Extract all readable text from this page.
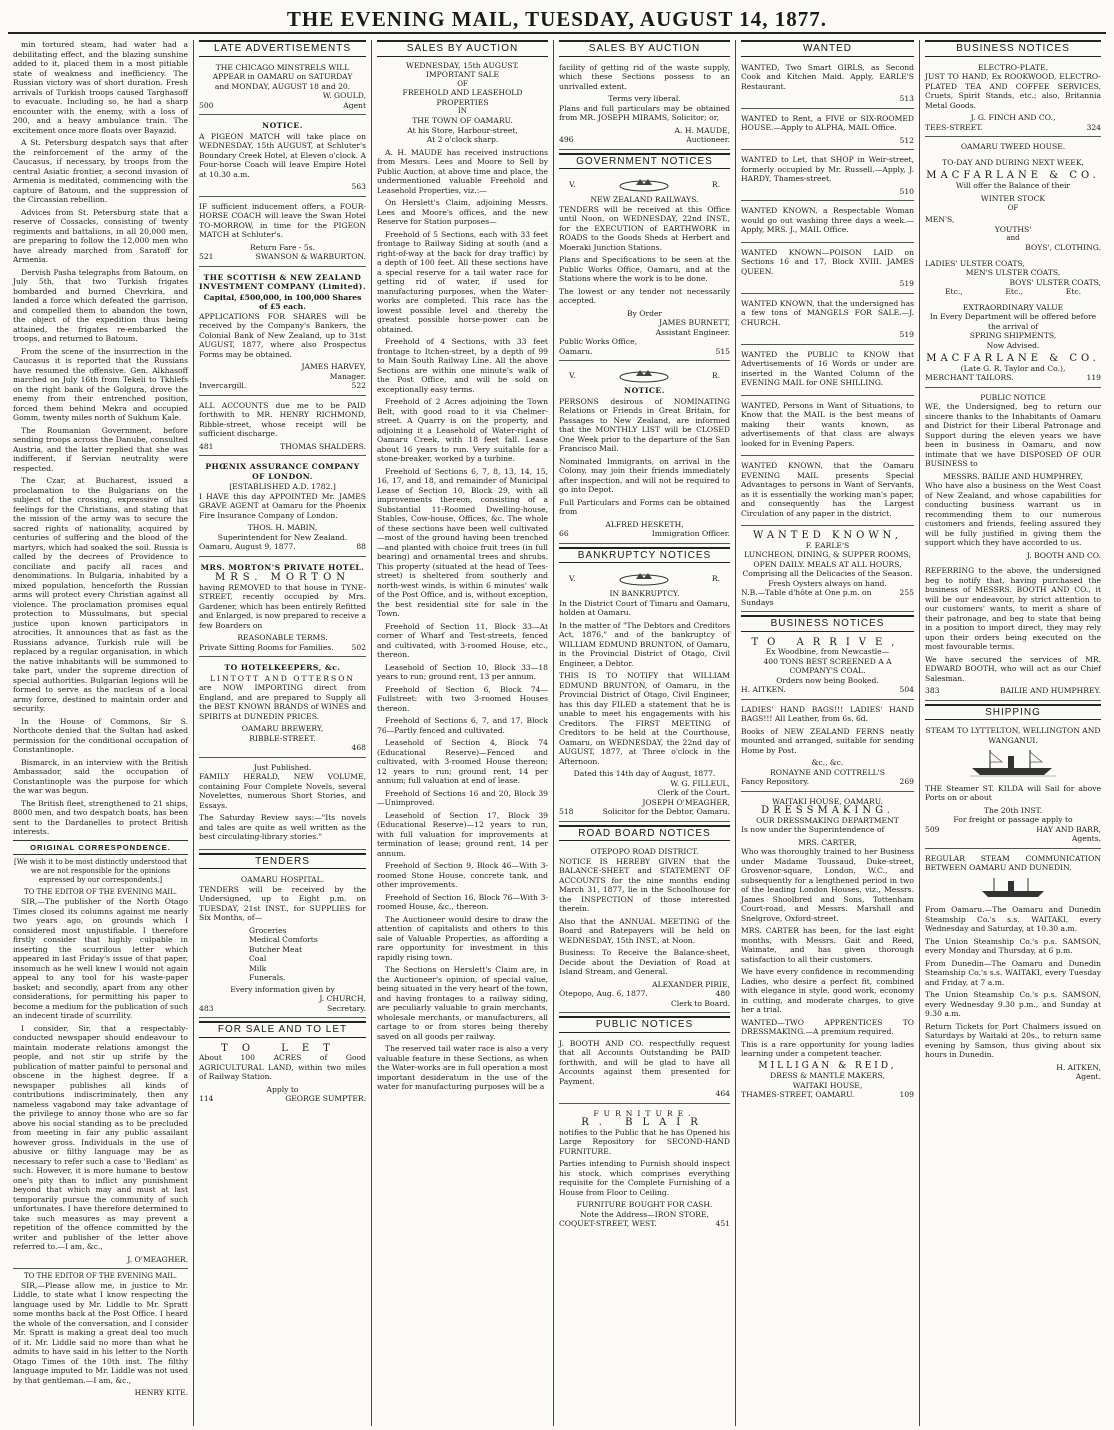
THE EVENING MAIL, TUESDAY, AUGUST 14, 1877.

min tortured steam, had water had a debilitating effect, and the blazing sunshine added to it, placed them in a most pitiable state of weakness and inefficiency. The Russian victory was of short duration. Fresh arrivals of Turkish troops caused Targhasoff to evacuate. Including so, he had a sharp encounter with the enemy, with a loss of 200, and a heavy ambulance train. The excitement once more floats over Bayazid.

A St. Petersburg despatch says that after the reinforcement of the army of the Caucasus, if necessary, by troops from the central Asiatic frontier, a second invasion of Armenia is meditated, commencing with the capture of Batoum, and the suppression of the Circassian rebellion.

Advices from St. Petersburg state that a reserve of Cossacks, consisting of twenty regiments and battalions, in all 20,000 men, are preparing to follow the 12,000 men who have already marched from Saratoff for Armenia.

Dervish Pasha telegraphs from Batoum, on July 5th, that two Turkish frigates bombarded and burned Chevrkira, and landed a force which defeated the garrison, and compelled them to abandon the town, the object of the expedition thus being attained, the frigates re-embarked the troops, and returned to Batoum.

From the scene of the insurrection in the Caucasus it is reported that the Russians have resumed the offensive. Gen. Alkhasoff marched on July 16th from Tekeli to Tkhlefs on the right bank of the Golgura, drove the enemy from their entrenched position, forced them behind Mekra and occupied Gomm, twenty miles north of Sukhum Kale.

The Roumanian Government, before sending troops across the Danube, consulted Austria, and the latter replied that she was indifferent, if Servian neutrality were respected.

The Czar, at Bucharest, issued a proclamation to the Bulgarians on the subject of the crossing, expressive of his feelings for the Christians, and stating that the mission of the army was to secure the sacred rights of nationality, acquired by centuries of suffering and the blood of the martyrs, which had soaked the soil. Russia is called by the decrees of Providence to conciliate and pacify all races and denominations. In Bulgaria, inhabited by a mixed population, henceforth the Russian arms will protect every Christian against all violence. The proclamation promises equal protection to Mussulmans, but special justice upon known participators in atrocities. It announces that as fast as the Russians advance, Turkish rule will be replaced by a regular organisation, in which the native inhabitants will be summoned to take part, under the supreme direction of special authorities. Bulgarian legions will be formed to serve as the nucleus of a local army force, destined to maintain order and security.

In the House of Commons, Sir S. Northcote denied that the Sultan had asked permission for the conditional occupation of Constantinople.

Bismarck, in an interview with the British Ambassador, said the occupation of Constantinople was the purpose for which the war was begun.

The British fleet, strengthened to 21 ships, 8000 men, and two despatch boats, has been sent to the Dardanelles to protect British interests.

ORIGINAL CORRESPONDENCE.
[We wish it to be most distinctly understood that we are not responsible for the opinions expressed by our correspondents.]
TO THE EDITOR OF THE EVENING MAIL.

SIR,—The publisher of the North Otago Times closed its columns against me nearly two years ago, on grounds which I considered most unjustifiable. I therefore firstly consider that highly culpable in inserting the scurrilous letter which appeared in last Friday's issue of that paper, insomuch as he well knew I would not again appeal to any tool for his waste-paper basket; and secondly, apart from any other considerations, for permitting his paper to become a medium for the publication of such an indecent tirade of scurrility.

I consider, Sir, that a respectably-conducted newspaper should endeavour to maintain moderate relations amongst the people, and not stir up strife by the publication of matter painful to personal and obscene in the highest degree. If a newspaper publishes all kinds of contributions indiscriminately, then any nameless vagabond may take advantage of the privilege to annoy those who are so far above his social standing as to be precluded from meeting in fair any public assailant however gross. Individuals in the use of abusive or filthy language may be as necessary to refer such a case to 'Bedlam' as such. However, it is more humane to bestow one's pity than to inflict any punishment beyond that which may and must at last temporarily pursue the community of such unfortunates. I have therefore determined to take such measures as may prevent a repetition of the offence committed by the writer and publisher of the letter above referred to.—I am, &c.,

J. O'MEAGHER.
TO THE EDITOR OF THE EVENING MAIL.

SIR,—Please allow me, in justice to Mr. Liddle, to state what I know respecting the language used by Mr. Liddle to Mr. Spratt some months back at the Post Office. I heard the whole of the conversation, and I consider Mr. Spratt is making a great deal too much of it. Mr. Liddle said no more than what he admits to have said in his letter to the North Otago Times of the 10th inst. The filthy language imputed to Mr. Liddle was not used by that gentleman.—I am, &c.,

HENRY KITE.
LATE ADVERTISEMENTS
THE CHICAGO MINSTRELS WILL
APPEAR in OAMARU on SATURDAY
and MONDAY, AUGUST 18 and 20.
W. GOULD,
500	Agent
NOTICE.

A PIGEON MATCH will take place on WEDNESDAY, 15th AUGUST, at Schluter's Boundary Creek Hotel, at Eleven o'clock. A Four-horse Coach will leave Empire Hotel at 10.30 a.m.

563

IF sufficient inducement offers, a FOUR-HORSE COACH will leave the Swan Hotel TO-MORROW, in time for the PIGEON MATCH at Schluter's.

Return Fare - 5s.
521	SWANSON & WARBURTON.
THE SCOTTISH & NEW ZEALAND INVESTMENT COMPANY (Limited).
Capital, £500,000, in 100,000 Shares of £5 each.

APPLICATIONS FOR SHARES will be received by the Company's Bankers, the Colonial Bank of New Zealand, up to 31st AUGUST, 1877, where also Prospectus Forms may be obtained.

JAMES HARVEY,
Manager.
Invercargill.	522

ALL ACCOUNTS due me to be PAID forthwith to MR. HENRY RICHMOND, Ribble-street, whose receipt will be sufficient discharge.

481	THOMAS SHALDERS.
PHŒNIX ASSURANCE COMPANY OF LONDON.
[ESTABLISHED A.D. 1782.]

I HAVE this day APPOINTED Mr. JAMES GRAVE AGENT at Oamaru for the Phoenix Fire Insurance Company of London.

THOS. H. MABIN,
Superintendent for New Zealand.
Oamaru, August 9, 1877.	88
MRS. MORTON'S PRIVATE HOTEL.
MRS. MORTON

having REMOVED to that house in TYNE-STREET, recently occupied by Mrs. Gardener, which has been entirely Refitted and Enlarged, is now prepared to receive a few Boarders on

REASONABLE TERMS.
Private Sitting Rooms for Families. 502
TO HOTELKEEPERS, &c.
LINTOTT AND OTTERSON

are NOW IMPORTING direct from England, and are prepared to Supply all the BEST KNOWN BRANDS of WINES and SPIRITS at DUNEDIN PRICES.

OAMARU BREWERY,
RIBBLE-STREET.
468
Just Published.

FAMILY HERALD, NEW VOLUME, containing Four Complete Novels, several Novelettes, numerous Short Stories, and Essays.

The Saturday Review says:—"Its novels and tales are quite as well written as the best circulating-library stories."

TENDERS
OAMARU HOSPITAL.

TENDERS will be received by the Undersigned, up to Eight p.m. on TUESDAY, 21st INST., for SUPPLIES for Six Months, of—

Groceries
Medical Comforts
Butcher Meat
Coal
Milk
Funerals.
Every information given by
J. CHURCH,
483	Secretary.
FOR SALE AND TO LET
TO LET

About 100 ACRES of Good AGRICULTURAL LAND, within two miles of Railway Station.

Apply to
114	GEORGE SUMPTER.
SALES BY AUCTION
WEDNESDAY, 15th AUGUST.
IMPORTANT SALE
OF
FREEHOLD AND LEASEHOLD PROPERTIES
IN
THE TOWN OF OAMARU.
At his Store, Harbour-street,
At 2 o'clock sharp.

A. H. MAUDE has received instructions from Messrs. Lees and Moore to Sell by Public Auction, at above time and place, the undermentioned valuable Freehold and Leasehold Properties, viz.:—

On Herslett's Claim, adjoining Messrs. Lees and Moore's offices, and the new Reserve for Station purposes—

Freehold of 5 Sections, each with 33 feet frontage to Railway Siding at south (and a right-of-way at the back for dray traffic) by a depth of 100 feet. All these sections have a special reserve for a tail water race for getting rid of water, if used for manufacturing purposes, when the Water-works are completed. This race has the lowest possible level and thereby the greatest possible horse-power can be obtained.

Freehold of 4 Sections, with 33 feet frontage to Itchen-street, by a depth of 99 to Main South Railway Line. All the above Sections are within one minute's walk of the Post Office, and will be sold on exceptionally easy terms.

Freehold of 2 Acres adjoining the Town Belt, with good road to it via Chelmer-street. A Quarry is on the property, and adjoining it a Leasehold of Water-right of Oamaru Creek, with 18 feet fall. Lease about 16 years to run. Very suitable for a stone-breaker, worked by a turbine.

Freehold of Sections 6, 7, 8, 13, 14, 15, 16, 17, and 18, and remainder of Municipal Lease of Section 10, Block 29, with all improvements thereon, consisting of a Substantial 11-Roomed Dwelling-house, Stables, Cow-house, Offices, &c. The whole of these sections have been well cultivated—most of the ground having been trenched—and planted with choice fruit trees (in full bearing) and ornamental trees and shrubs. This property (situated at the head of Tees-street) is sheltered from southerly and north-west winds, is within 6 minutes' walk of the Post Office, and is, without exception, the best residential site for sale in the Town.

Freehold of Section 11, Block 33—At corner of Wharf and Test-streets, fenced and cultivated, with 3-roomed House, etc., thereon.

Leasehold of Section 10, Block 33—18 years to run; ground rent, 13 per annum.

Freehold of Section 6, Block 74—Fullstreet: with two 3-roomed Houses thereon.

Freehold of Sections 6, 7, and 17, Block 76—Partly fenced and cultivated.

Leasehold of Section 4, Block 74 (Educational Reserve)—Fenced and cultivated, with 3-roomed House thereon; 12 years to run; ground rent, 14 per annum; full valuation at end of lease.

Freehold of Sections 16 and 20, Block 39—Unimproved.

Leasehold of Section 17, Block 39 (Educational Reserve)—12 years to run, with full valuation for improvements at termination of lease; ground rent, 14 per annum.

Freehold of Section 9, Block 46—With 3-roomed Stone House, concrete tank, and other improvements.

Freehold of Section 16, Block 76—With 3-roomed House, &c., thereon.

The Auctioneer would desire to draw the attention of capitalists and others to this sale of Valuable Properties, as affording a rare opportunity for investment in this rapidly rising town.

The Sections on Herslett's Claim are, in the Auctioneer's opinion, of special value, being situated in the very heart of the town, and having frontages to a railway siding, are peculiarly valuable to grain merchants, wholesale merchants, or manufacturers, all cartage to or from stores being thereby saved on all goods per railway.

The reserved tail water race is also a very valuable feature in these Sections, as when the Water-works are in full operation a most important desideratum in the use of the water for manufacturing purposes will be a

SALES BY AUCTION

facility of getting rid of the waste supply, which these Sections possess to an unrivalled extent.

Terms very liberal.

Plans and full particulars may be obtained from MR. JOSEPH MIRAMS, Solicitor; or,

A. H. MAUDE,
496	Auctioneer.
GOVERNMENT NOTICES
V.	R.
NEW ZEALAND RAILWAYS.

TENDERS will be received at this Office until Noon, on WEDNESDAY, 22nd INST., for the EXECUTION of EARTHWORK in ROADS to the Goods Sheds at Herbert and Moeraki Junction Stations.

Plans and Specifications to be seen at the Public Works Office, Oamaru, and at the Stations where the work is to be done.

The lowest or any tender not necessarily accepted.

By Order
JAMES BURNETT,
Assistant Engineer.
Public Works Office,
Oamaru.	515
V.	R.
NOTICE.

PERSONS desirous of NOMINATING Relations or Friends in Great Britain, for Passages to New Zealand, are informed that the MONTHLY LIST will be CLOSED One Week prior to the departure of the San Francisco Mail.

Nominated Immigrants, on arrival in the Colony, may join their friends immediately after inspection, and will not be required to go into Depot.

Full Particulars and Forms can be obtained from

ALFRED HESKETH,
66	Immigration Officer.
BANKRUPTCY NOTICES
V.	R.
IN BANKRUPTCY.

In the District Court of Timaru and Oamaru, holden at Oamaru.

In the matter of "The Debtors and Creditors Act, 1876," and of the bankruptcy of WILLIAM EDMUND BRUNTON, of Oamaru, in the Provincial District of Otago, Civil Engineer, a Debtor.

THIS IS TO NOTIFY that WILLIAM EDMUND BRUNTON, of Oamaru, in the Provincial District of Otago, Civil Engineer, has this day FILED a statement that he is unable to meet his engagements with his Creditors. The FIRST MEETING of Creditors to be held at the Courthouse, Oamaru, on WEDNESDAY, the 22nd day of AUGUST, 1877, at Three o'clock in the Afternoon.

Dated this 14th day of August, 1877.
W. G. FILLEUL,
Clerk of the Court.
JOSEPH O'MEAGHER,
518	Solicitor for the Debtor, Oamaru.
ROAD BOARD NOTICES
OTEPOPO ROAD DISTRICT.

NOTICE IS HEREBY GIVEN that the BALANCE-SHEET and STATEMENT OF ACCOUNTS for the nine months ending March 31, 1877, lie in the Schoolhouse for the INSPECTION of those interested therein.

Also that the ANNUAL MEETING of the Board and Ratepayers will be held on WEDNESDAY, 15th INST., at Noon.

Business: To Receive the Balance-sheet, Decide about the Deviation of Road at Island Stream, and General.

ALEXANDER PIRIE,
Otepopo, Aug. 6, 1877.	480
Clerk to Board.
PUBLIC NOTICES

J. BOOTH AND CO. respectfully request that all Accounts Outstanding be PAID forthwith, and will be glad to have all Accounts against them presented for Payment.

464
FURNITURE.
R. BLAIR

notifies to the Public that he has Opened his Large Repository for SECOND-HAND FURNITURE.

Parties intending to Furnish should inspect his stock, which comprises everything requisite for the Complete Furnishing of a House from Floor to Ceiling.

FURNITURE BOUGHT FOR CASH.
Note the Address—IRON STORE,
COQUET-STREET, WEST.	451
WANTED

WANTED, Two Smart GIRLS, as Second Cook and Kitchen Maid. Apply, EARLE'S Restaurant.

513

WANTED to Rent, a FIVE or SIX-ROOMED HOUSE.—Apply to ALPHA, MAIL Office.

512

WANTED to Let, that SHOP in Weir-street, formerly occupied by Mr. Russell.—Apply, J. HARDY, Thames-street.

510

WANTED KNOWN, a Respectable Woman would go out washing three days a week.—Apply, MRS. J., MAIL Office.

WANTED KNOWN—POISON LAID on Sections 16 and 17, Block XVIII. JAMES QUEEN.

519

WANTED KNOWN, that the undersigned has a few tons of MANGELS FOR SALE.—J. CHURCH.

519

WANTED the PUBLIC to KNOW that Advertisements of 16 Words or under are inserted in the Wanted Column of the EVENING MAIL for ONE SHILLING.

WANTED, Persons in Want of Situations, to Know that the MAIL is the best means of making their wants known, as advertisements of that class are always looked for in Evening Papers.

WANTED KNOWN, that the Oamaru EVENING MAIL presents Special Advantages to persons in Want of Servants, as it is essentially the working man's paper, and consequently has the Largest Circulation of any paper in the district.

WANTED KNOWN,
F. EARLE'S
LUNCHEON, DINING, & SUPPER ROOMS,
OPEN DAILY. MEALS AT ALL HOURS,
Comprising all the Delicacies of the Season. Fresh Oysters always on hand.
N.B.—Table d'hôte at One p.m. on Sundays
255
BUSINESS NOTICES
TO ARRIVE,
Ex Woodbine, from Newcastle—
400 TONS BEST SCREENED A A COMPANY'S COAL.
Orders now being Booked.
H. AITKEN.	504

LADIES' HAND BAGS!!! LADIES' HAND BAGS!!! All Leather, from 6s. 6d.

Books of NEW ZEALAND FERNS neatly mounted and arranged, suitable for sending Home by Post.

&c., &c.
RONAYNE AND COTTRELL'S
Fancy Repository.	269
WAITAKI HOUSE, OAMARU.
DRESSMAKING.
OUR DRESSMAKING DEPARTMENT

Is now under the Superintendence of

MRS. CARTER,

Who was thoroughly trained to her Business under Madame Toussaud, Duke-street, Grosvenor-square, London, W.C., and subsequently for a lengthened period in two of the leading London Houses, viz., Messrs. James Shoolbred and Sons, Tottenham Court-road, and Messrs. Marshall and Snelgrove, Oxford-street.

MRS. CARTER has been, for the last eight months, with Messrs. Gait and Reed, Waimate, and has given thorough satisfaction to all their customers.

We have every confidence in recommending Ladies, who desire a perfect fit, combined with elegance in style, good work, economy in cutting, and moderate charges, to give her a trial.

WANTED—TWO APPRENTICES TO DRESSMAKING.—A premium required.

This is a rare opportunity for young ladies learning under a competent teacher.

MILLIGAN & REID,
DRESS & MANTLE MAKERS,
WAITAKI HOUSE,
THAMES-STREET, OAMARU.	109
BUSINESS NOTICES
ELECTRO-PLATE.

JUST TO HAND, Ex ROOKWOOD, ELECTRO-PLATED TEA AND COFFEE SERVICES, Cruets, Spirit Stands, etc.; also, Britannia Metal Goods.

J. G. FINCH AND CO.,
TEES-STREET.	324
OAMARU TWEED HOUSE.
TO-DAY AND DURING NEXT WEEK,
MACFARLANE & CO.
Will offer the Balance of their
WINTER STOCK
OF
MEN'S,
YOUTHS'
and
BOYS', CLOTHING.
LADIES' ULSTER COATS,
MEN'S ULSTER COATS,
BOYS' ULSTER COATS,
Etc.,	Etc.,	Etc.
EXTRAORDINARY VALUE
In Every Department will be offered before the arrival of
SPRING SHIPMENTS,
Now Advised.
MACFARLANE & CO.
(Late G. R. Taylor and Co.),
MERCHANT TAILORS.	119
PUBLIC NOTICE

WE, the Undersigned, beg to return our sincere thanks to the Inhabitants of Oamaru and District for their Liberal Patronage and Support during the eleven years we have been in business in Oamaru, and now intimate that we have DISPOSED OF OUR BUSINESS to

MESSRS. BAILIE AND HUMPHREY,

Who have also a business on the West Coast of New Zealand, and whose capabilities for conducting business warrant us in recommending them to our numerous customers and friends, feeling assured they will be fully justified in giving them the support which they have accorded to us.

J. BOOTH AND CO.

REFERRING to the above, the undersigned beg to notify that, having purchased the business of MESSRS. BOOTH AND CO., it will be our endeavour, by strict attention to our customers' wants, to merit a share of their patronage, and beg to state that being in a position to import direct, they may rely upon their orders being executed on the most favourable terms.

We have secured the services of MR. EDWARD BOOTH, who will act as our Chief Salesman.

383	BAILIE AND HUMPHREY.
SHIPPING
STEAM TO LYTTELTON, WELLINGTON AND WANGANUI.

THE Steamer ST. KILDA will Sail for above Ports on or about

The 20th INST.
For freight or passage apply to
509	HAY AND BARR,
Agents.

REGULAR STEAM COMMUNICATION BETWEEN OAMARU AND DUNEDIN.

From Oamaru.—The Oamaru and Dunedin Steamship Co.'s s.s. WAITAKI, every Wednesday and Saturday, at 10.30 a.m.

The Union Steamship Co.'s p.s. SAMSON, every Monday and Thursday, at 6 p.m.

From Dunedin—The Oamaru and Dunedin Steamship Co.'s s.s. WAITAKI, every Tuesday and Friday, at 7 a.m.

The Union Steamship Co.'s p.s. SAMSON, every Wednesday 9.30 p.m., and Sunday at 9.30 a.m.

Return Tickets for Port Chalmers issued on Saturdays by Waitaki at 20s., to return same evening by Samson, thus giving about six hours in Dunedin.

H. AITKEN,
Agent.
